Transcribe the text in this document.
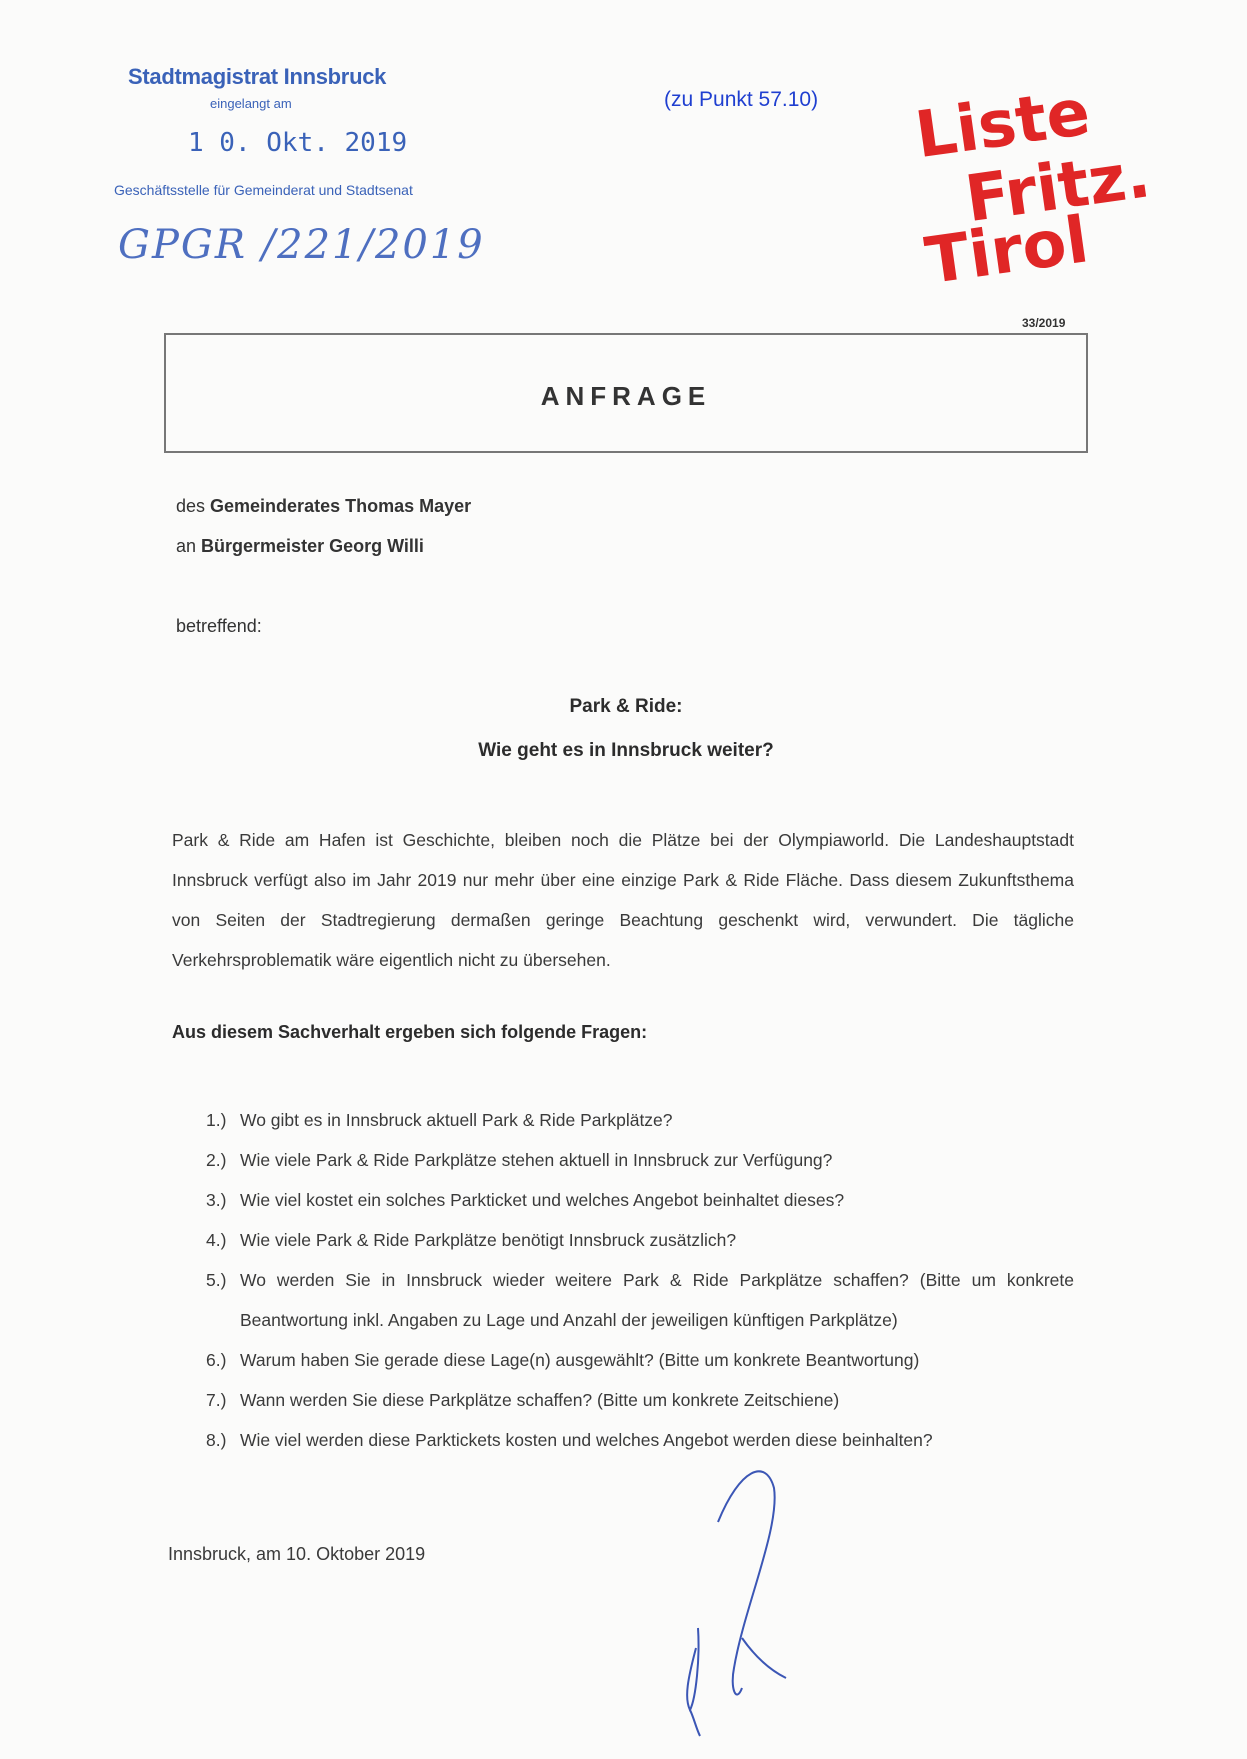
Stadtmagistrat Innsbruck
eingelangt am
1 0. Okt. 2019
Geschäftsstelle für Gemeinderat und Stadtsenat
GPGR /221/2019
(zu Punkt 57.10) Liste
Fritz.
Tirol
33/2019
ANFRAGE
des Gemeinderates Thomas Mayer
an Bürgermeister Georg Willi
betreffend:
Park & Ride:
Wie geht es in Innsbruck weiter?
Park & Ride am Hafen ist Geschichte, bleiben noch die Plätze bei der Olympiaworld. Die Landeshauptstadt Innsbruck verfügt also im Jahr 2019 nur mehr über eine einzige Park & Ride Fläche. Dass diesem Zukunftsthema von Seiten der Stadtregierung dermaßen geringe Beachtung geschenkt wird, verwundert. Die tägliche Verkehrsproblematik wäre eigentlich nicht zu übersehen.
Aus diesem Sachverhalt ergeben sich folgende Fragen:
1.) Wo gibt es in Innsbruck aktuell Park & Ride Parkplätze?
2.) Wie viele Park & Ride Parkplätze stehen aktuell in Innsbruck zur Verfügung?
3.) Wie viel kostet ein solches Parkticket und welches Angebot beinhaltet dieses?
4.) Wie viele Park & Ride Parkplätze benötigt Innsbruck zusätzlich?
5.) Wo werden Sie in Innsbruck wieder weitere Park & Ride Parkplätze schaffen? (Bitte um konkrete Beantwortung inkl. Angaben zu Lage und Anzahl der jeweiligen künftigen Parkplätze)
6.) Warum haben Sie gerade diese Lage(n) ausgewählt? (Bitte um konkrete Beantwortung)
7.) Wann werden Sie diese Parkplätze schaffen? (Bitte um konkrete Zeitschiene)
8.) Wie viel werden diese Parktickets kosten und welches Angebot werden diese beinhalten?
Innsbruck, am 10. Oktober 2019
